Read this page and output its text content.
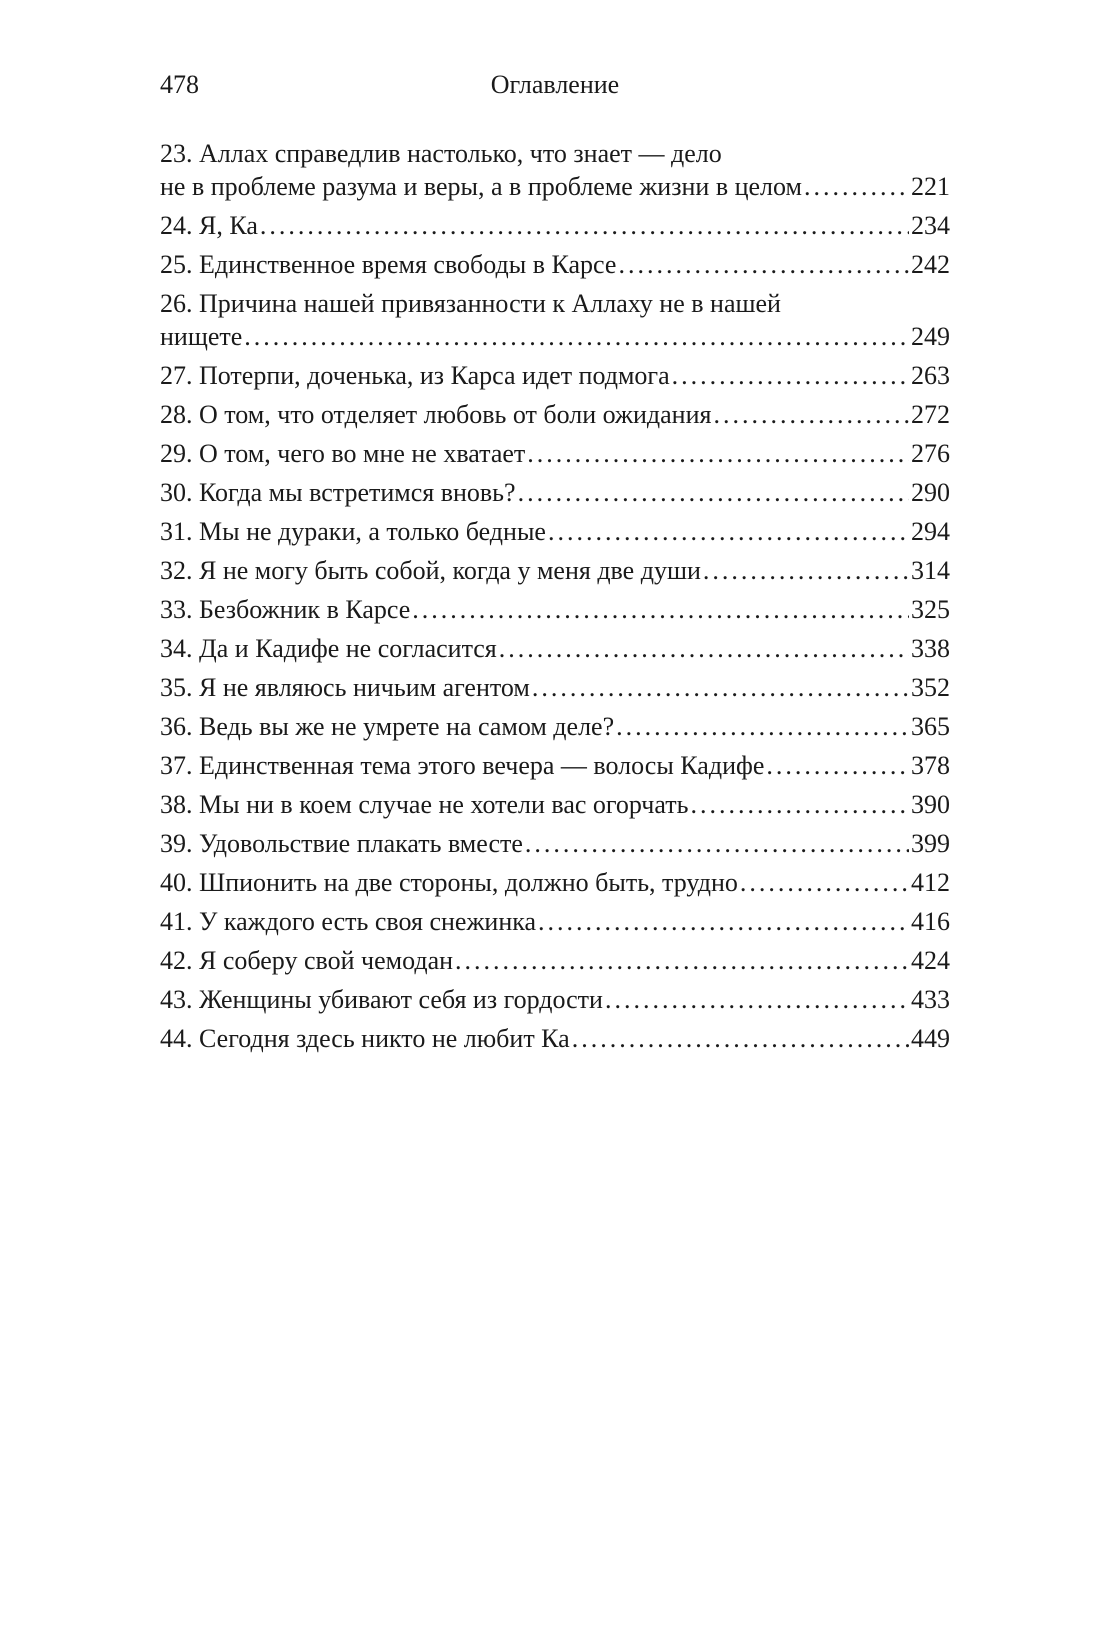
478	Оглавление
23. Аллах справедлив настолько, что знает — дело
не в проблеме разума и веры, а в проблеме жизни в целом .....	221
24. Я, Ка .....	234
25. Единственное время свободы в Карсе .....	242
26. Причина нашей привязанности к Аллаху не в нашей
нищете .....	249
27. Потерпи, доченька, из Карса идет подмога .....	263
28. О том, что отделяет любовь от боли ожидания .....	272
29. О том, чего во мне не хватает .....	276
30. Когда мы встретимся вновь? .....	290
31. Мы не дураки, а только бедные .....	294
32. Я не могу быть собой, когда у меня две души .....	314
33. Безбожник в Карсе .....	325
34. Да и Кадифе не согласится .....	338
35. Я не являюсь ничьим агентом .....	352
36. Ведь вы же не умрете на самом деле? .....	365
37. Единственная тема этого вечера — волосы Кадифе .....	378
38. Мы ни в коем случае не хотели вас огорчать .....	390
39. Удовольствие плакать вместе .....	399
40. Шпионить на две стороны, должно быть, трудно .....	412
41. У каждого есть своя снежинка .....	416
42. Я соберу свой чемодан .....	424
43. Женщины убивают себя из гордости .....	433
44. Сегодня здесь никто не любит Ка .....	449
